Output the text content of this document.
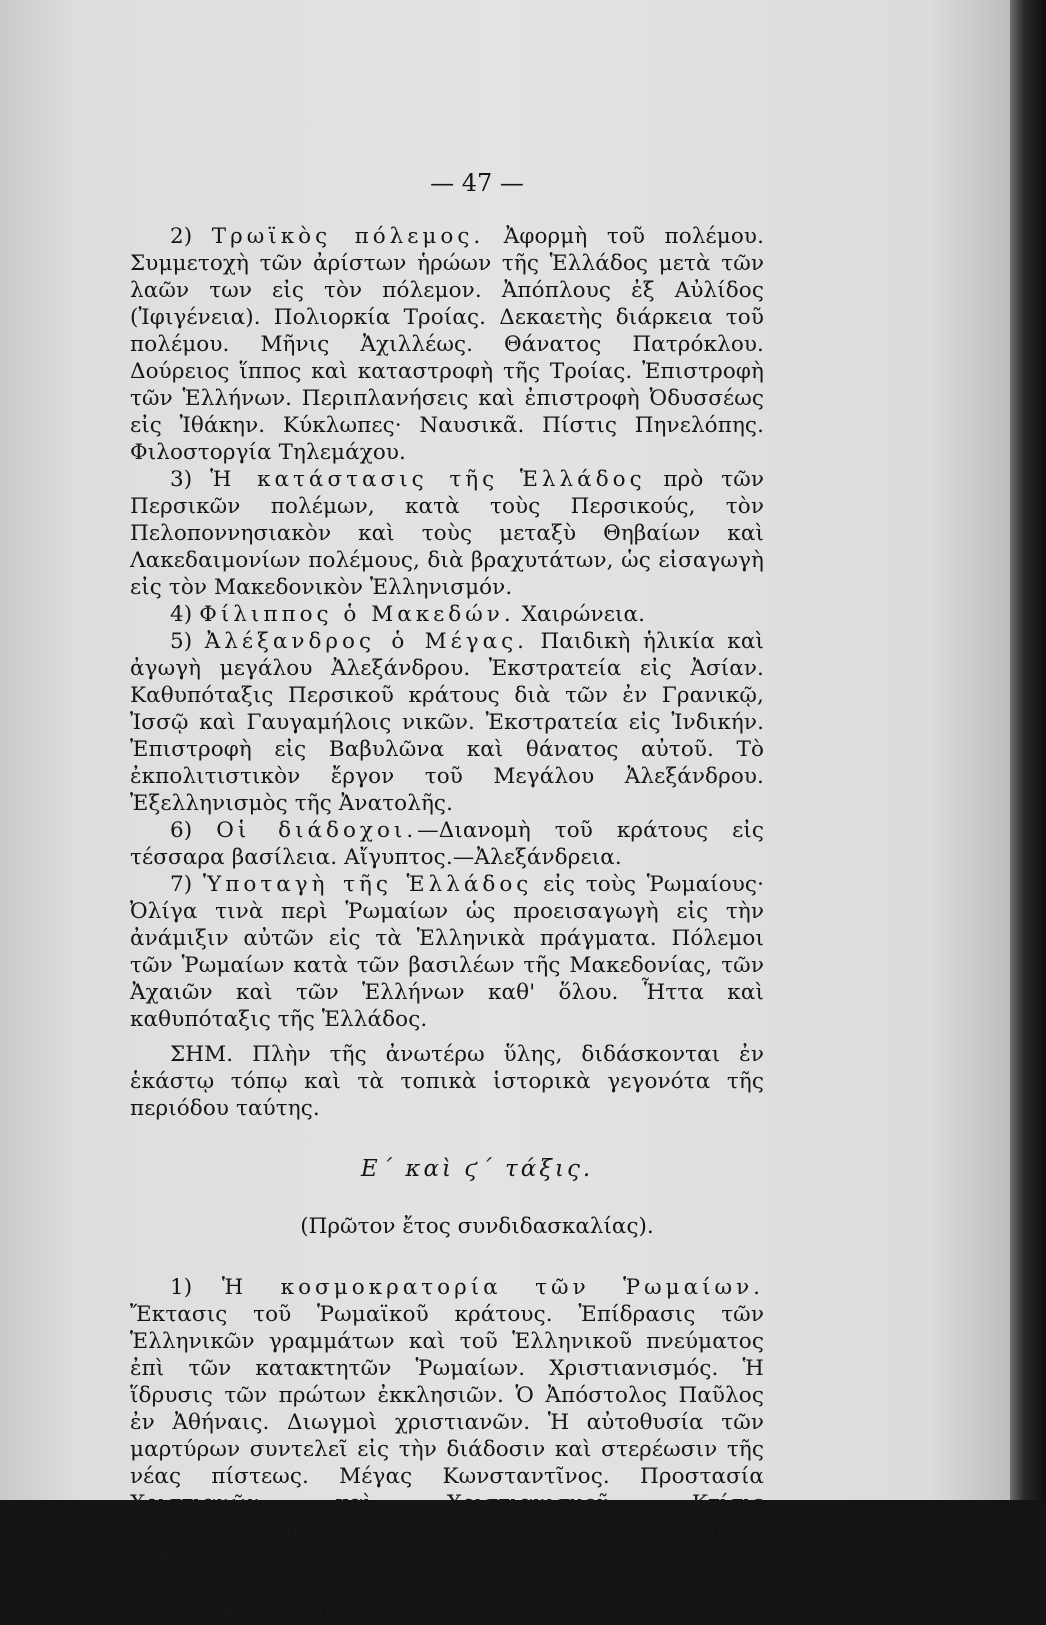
— 47 —

2) Τρωϊκὸς πόλεμος. Ἀφορμὴ τοῦ πολέμου. Συμμετοχὴ τῶν ἀρίστων ἡρώων τῆς Ἑλλάδος μετὰ τῶν λαῶν των εἰς τὸν πόλεμον. Ἀπόπλους ἐξ Αὐλίδος (Ἰφιγένεια). Πολιορκία Τροίας. Δεκαετὴς διάρκεια τοῦ πολέμου. Μῆνις Ἀχιλλέως. Θάνατος Πατρόκλου. Δούρειος ἵππος καὶ καταστροφὴ τῆς Τροίας. Ἐπιστροφὴ τῶν Ἑλλήνων. Περιπλανήσεις καὶ ἐπιστροφὴ Ὀδυσσέως εἰς Ἰθάκην. Κύκλωπες· Ναυσικᾶ. Πίστις Πηνελόπης. Φιλοστοργία Τηλεμάχου.

3) Ἡ κατάστασις τῆς Ἑλλάδος πρὸ τῶν Περσικῶν πολέμων, κατὰ τοὺς Περσικούς, τὸν Πελοποννησιακὸν καὶ τοὺς μεταξὺ Θηβαίων καὶ Λακεδαιμονίων πολέμους, διὰ βραχυτάτων, ὡς εἰσαγωγὴ εἰς τὸν Μακεδονικὸν Ἑλληνισμόν.

4) Φίλιππος ὁ Μακεδών. Χαιρώνεια.

5) Ἀλέξανδρος ὁ Μέγας. Παιδικὴ ἡλικία καὶ ἀγωγὴ μεγάλου Ἀλεξάνδρου. Ἐκστρατεία εἰς Ἀσίαν. Καθυπόταξις Περσικοῦ κράτους διὰ τῶν ἐν Γρανικῷ, Ἰσσῷ καὶ Γαυγαμήλοις νικῶν. Ἐκστρατεία εἰς Ἰνδικήν. Ἐπιστροφὴ εἰς Βαβυλῶνα καὶ θάνατος αὐτοῦ. Τὸ ἐκπολιτιστικὸν ἔργον τοῦ Μεγάλου Ἀλεξάνδρου. Ἐξελληνισμὸς τῆς Ἀνατολῆς.

6) Οἱ διάδοχοι.—Διανομὴ τοῦ κράτους εἰς τέσσαρα βασίλεια. Αἴγυπτος.—Ἀλεξάνδρεια.

7) Ὑποταγὴ τῆς Ἑλλάδος εἰς τοὺς Ῥωμαίους· Ὀλίγα τινὰ περὶ Ῥωμαίων ὡς προεισαγωγὴ εἰς τὴν ἀνάμιξιν αὐτῶν εἰς τὰ Ἑλληνικὰ πράγματα. Πόλεμοι τῶν Ῥωμαίων κατὰ τῶν βασιλέων τῆς Μακεδονίας, τῶν Ἀχαιῶν καὶ τῶν Ἑλλήνων καθ' ὅλου. Ἧττα καὶ καθυπόταξις τῆς Ἑλλάδος.

ΣΗΜ. Πλὴν τῆς ἀνωτέρω ὕλης, διδάσκονται ἐν ἑκάστῳ τόπῳ καὶ τὰ τοπικὰ ἱστορικὰ γεγονότα τῆς περιόδου ταύτης.

Ε΄ καὶ ϛ΄ τάξις.
(Πρῶτον ἔτος συνδιδασκαλίας).

1) Ἡ κοσμοκρατορία τῶν Ῥωμαίων. Ἔκτασις τοῦ Ῥωμαϊκοῦ κράτους. Ἐπίδρασις τῶν Ἑλληνικῶν γραμμάτων καὶ τοῦ Ἑλληνικοῦ πνεύματος ἐπὶ τῶν κατακτητῶν Ῥωμαίων. Χριστιανισμός. Ἡ ἵδρυσις τῶν πρώτων ἐκκλησιῶν. Ὁ Ἀπόστολος Παῦλος ἐν Ἀθήναις. Διωγμοὶ χριστιανῶν. Ἡ αὐτοθυσία τῶν μαρτύρων συντελεῖ εἰς τὴν διάδοσιν καὶ στερέωσιν τῆς νέας πίστεως. Μέγας Κωνσταντῖνος. Προστασία Χριστιανῶν καὶ Χριστιανισμοῦ. Κτίσις Κωνσταντινουπόλεως. Θρησκευτικαὶ ἔριδες καὶ ἡ ἐν Νικαίᾳ Σύνοδος.

2) Ἐξελληνισμὸς τοῦ ἀνατολικοῦ Ῥωμαϊκοῦ κράτους.
